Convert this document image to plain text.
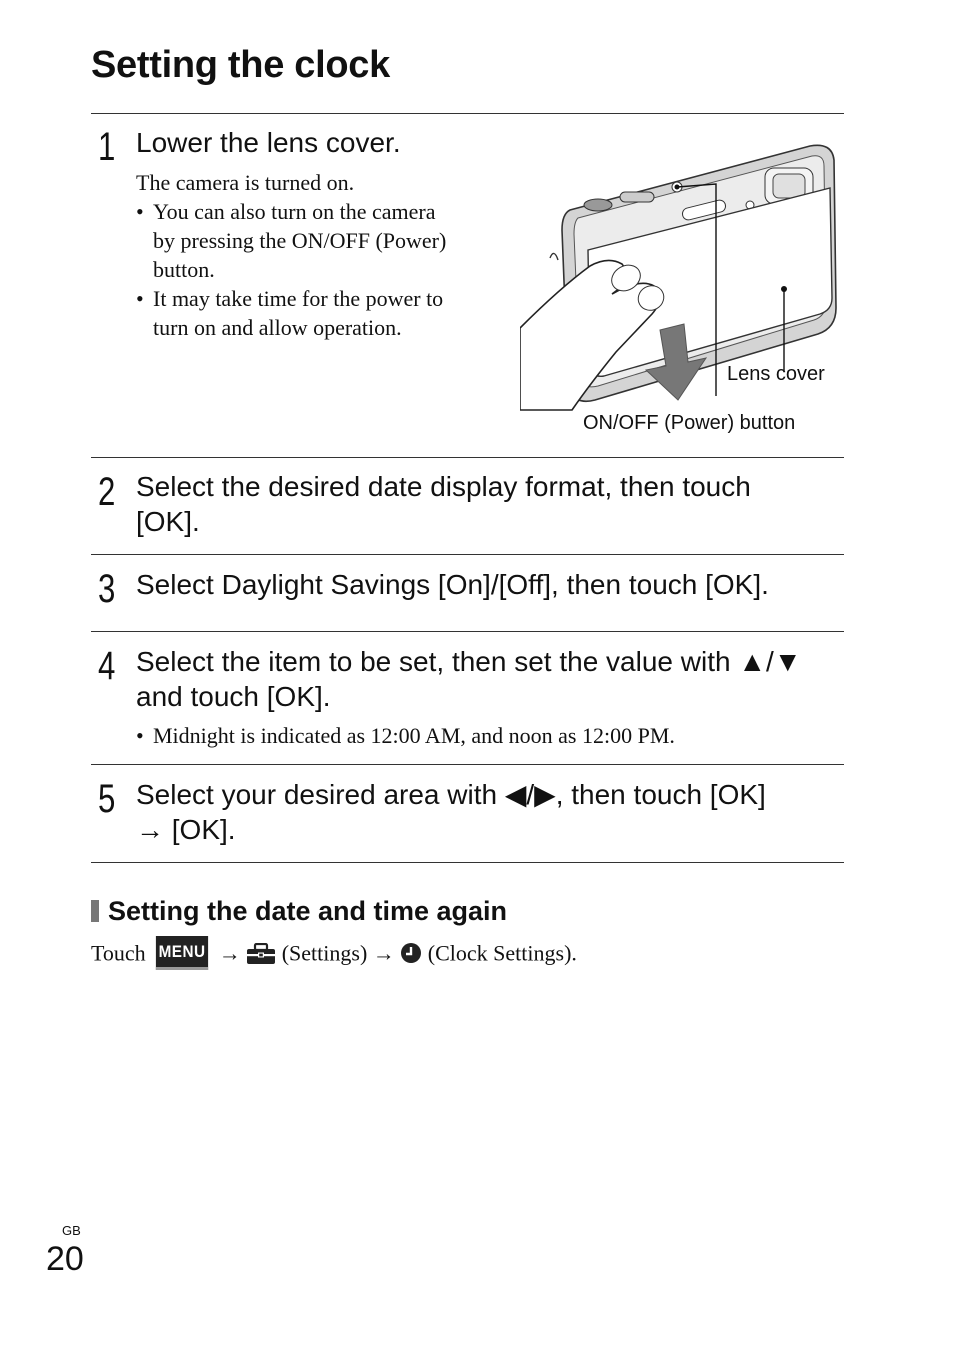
Setting the clock
1 Lower the lens cover.
The camera is turned on.
• You can also turn on the camera
by pressing the ON/OFF (Power)
button.
• It may take time for the power to
turn on and allow operation.
Lens cover
ON/OFF (Power) button
2 Select the desired date display format, then touch
[OK].
3 Select Daylight Savings [On]/[Off], then touch [OK].
4 Select the item to be set, then set the value with ▲/▼
and touch [OK].
• Midnight is indicated as 12:00 AM, and noon as 12:00 PM.
5 Select your desired area with ◀/▶, then touch [OK]
→ [OK].
Setting the date and time again
Touch MENU → (Settings) → (Clock Settings).
GB
20
